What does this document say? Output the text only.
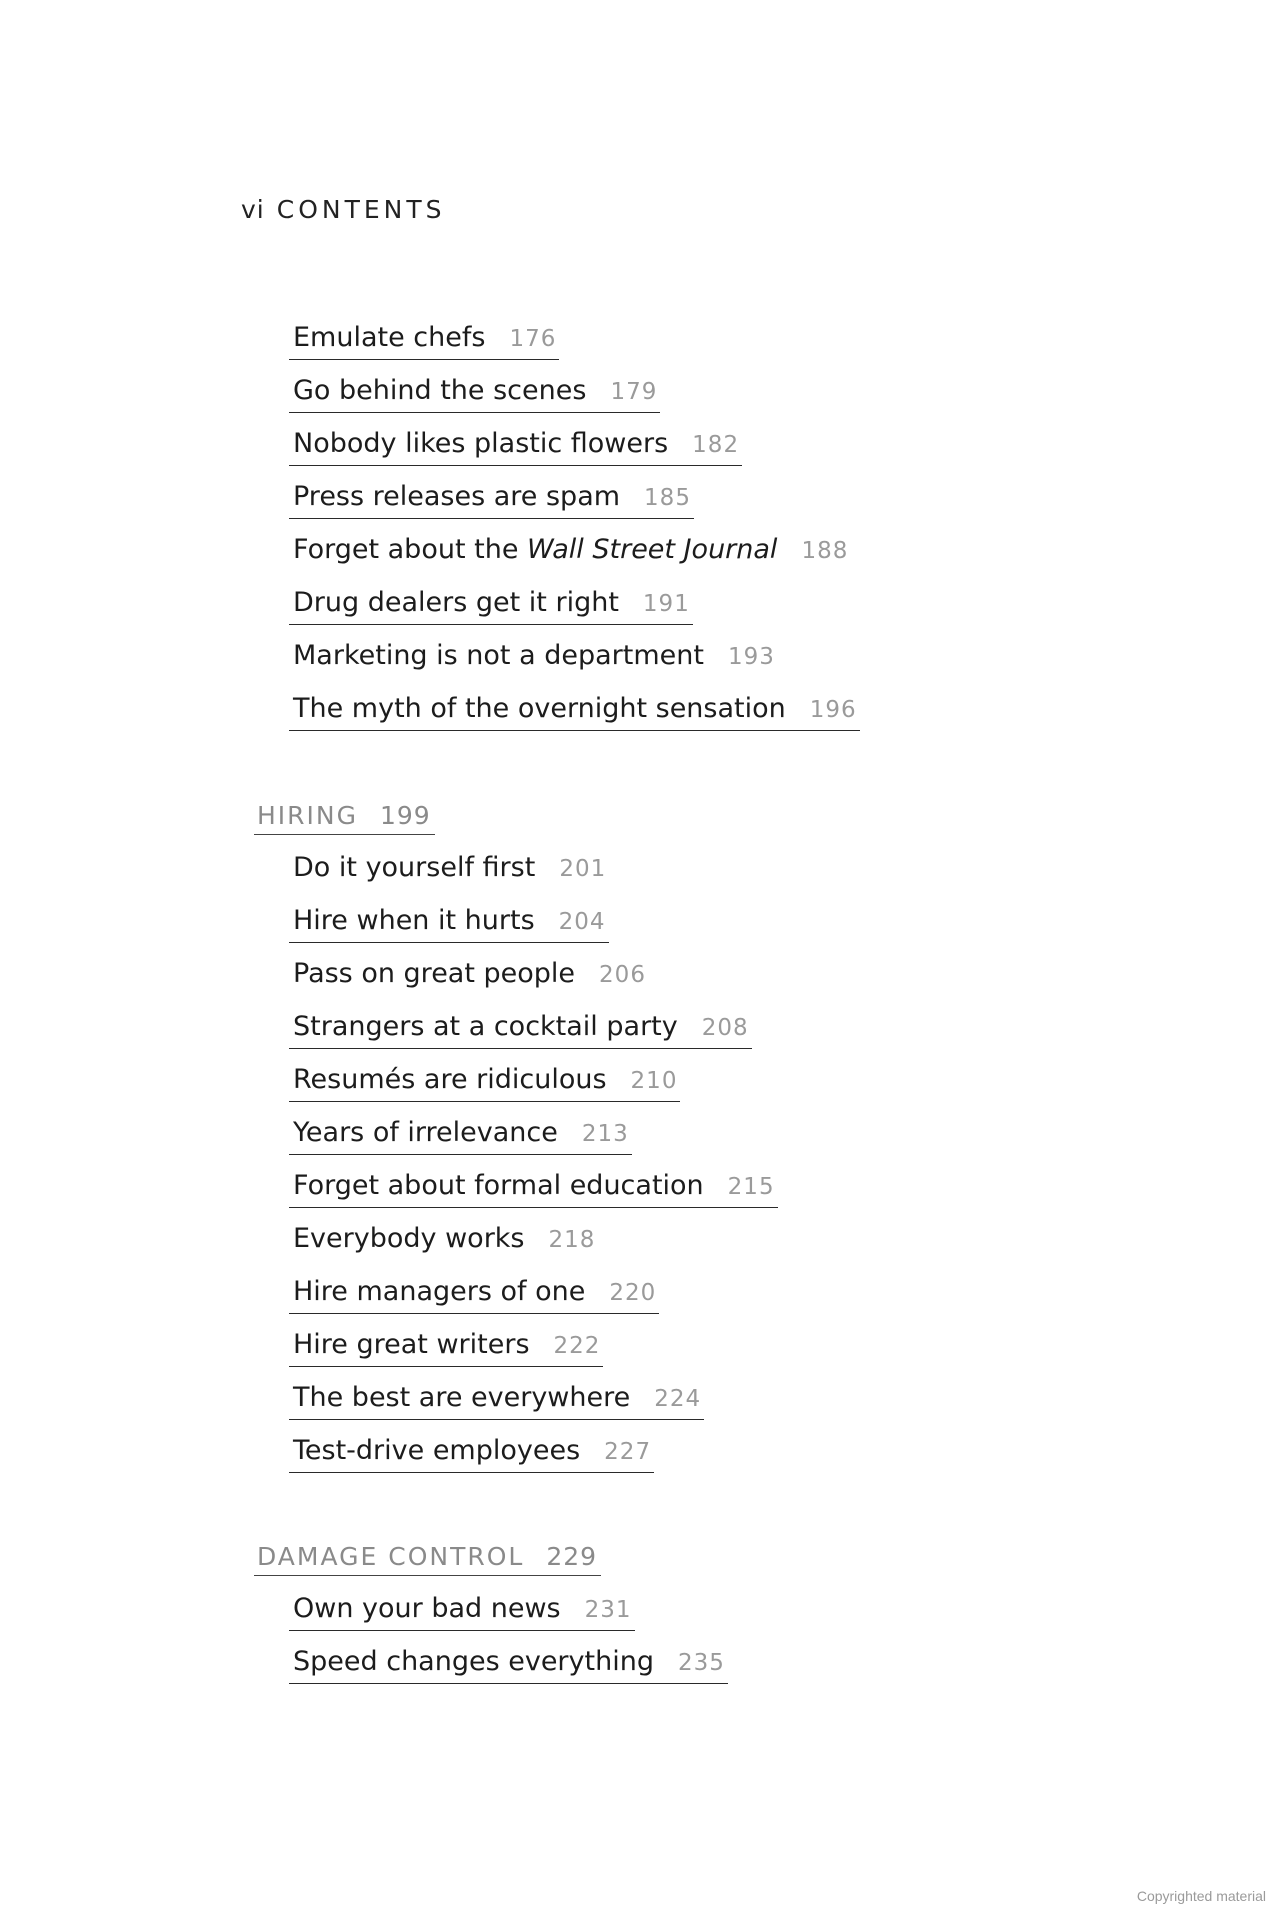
vi CONTENTS
Emulate chefs 176
Go behind the scenes 179
Nobody likes plastic flowers 182
Press releases are spam 185
Forget about the Wall Street Journal 188
Drug dealers get it right 191
Marketing is not a department 193
The myth of the overnight sensation 196
HIRING 199
Do it yourself first 201
Hire when it hurts 204
Pass on great people 206
Strangers at a cocktail party 208
Resumés are ridiculous 210
Years of irrelevance 213
Forget about formal education 215
Everybody works 218
Hire managers of one 220
Hire great writers 222
The best are everywhere 224
Test-drive employees 227
DAMAGE CONTROL 229
Own your bad news 231
Speed changes everything 235
Copyrighted material
